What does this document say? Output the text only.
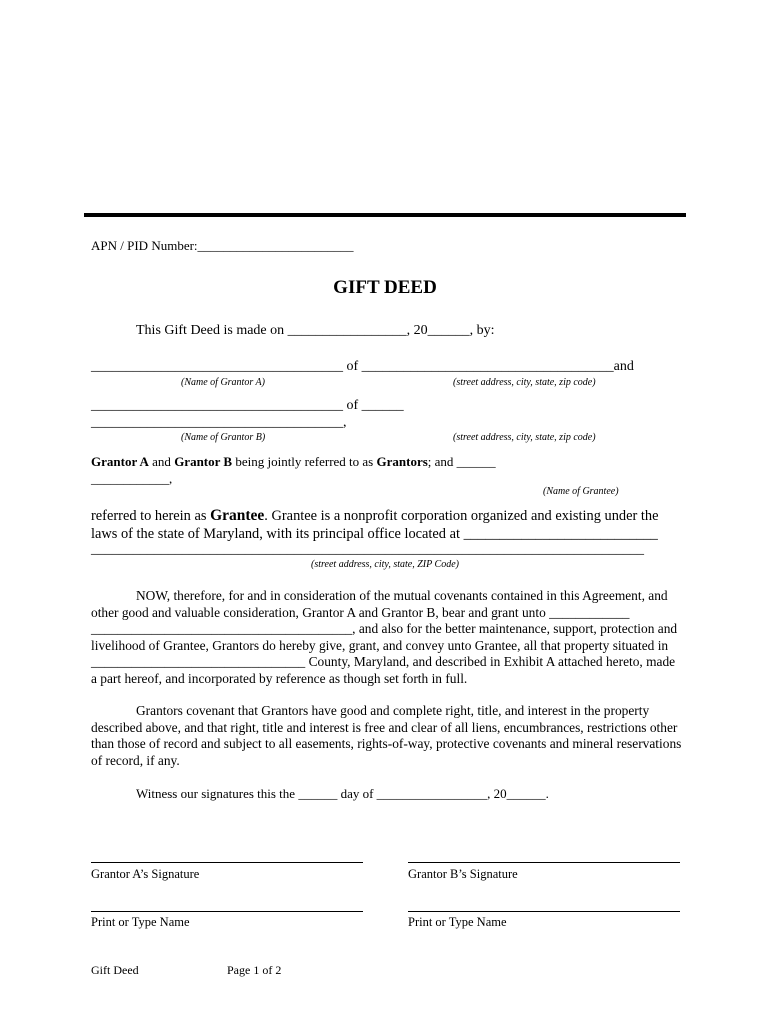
APN / PID Number:________________________
GIFT DEED
This Gift Deed is made on _________________, 20______, by:
____________________________________ of ____________________________________and
(Name of Grantor A)	(street address, city, state, zip code)
____________________________________ of ______
____________________________________,
(Name of Grantor B)	(street address, city, state, zip code)
Grantor A and Grantor B being jointly referred to as Grantors; and ______
____________,
(Name of Grantee)
referred to herein as Grantee. Grantee is a nonprofit corporation organized and existing under the laws of the state of Maryland, with its principal office located at ___________________________
_______________________________________________________________________________
(street address, city, state, ZIP Code)
NOW, therefore, for and in consideration of the mutual covenants contained in this Agreement, and other good and valuable consideration, Grantor A and Grantor B, bear and grant unto ____________ _______________________________________, and also for the better maintenance, support, protection and livelihood of Grantee, Grantors do hereby give, grant, and convey unto Grantee, all that property situated in ________________________________ County, Maryland, and described in Exhibit A attached hereto, made a part hereof, and incorporated by reference as though set forth in full.
Grantors covenant that Grantors have good and complete right, title, and interest in the property described above, and that right, title and interest is free and clear of all liens, encumbrances, restrictions other than those of record and subject to all easements, rights-of-way, protective covenants and mineral reservations of record, if any.
Witness our signatures this the ______ day of _________________, 20______.
Grantor A’s Signature	Grantor B’s Signature
Print or Type Name	Print or Type Name
Gift Deed	Page 1 of 2
